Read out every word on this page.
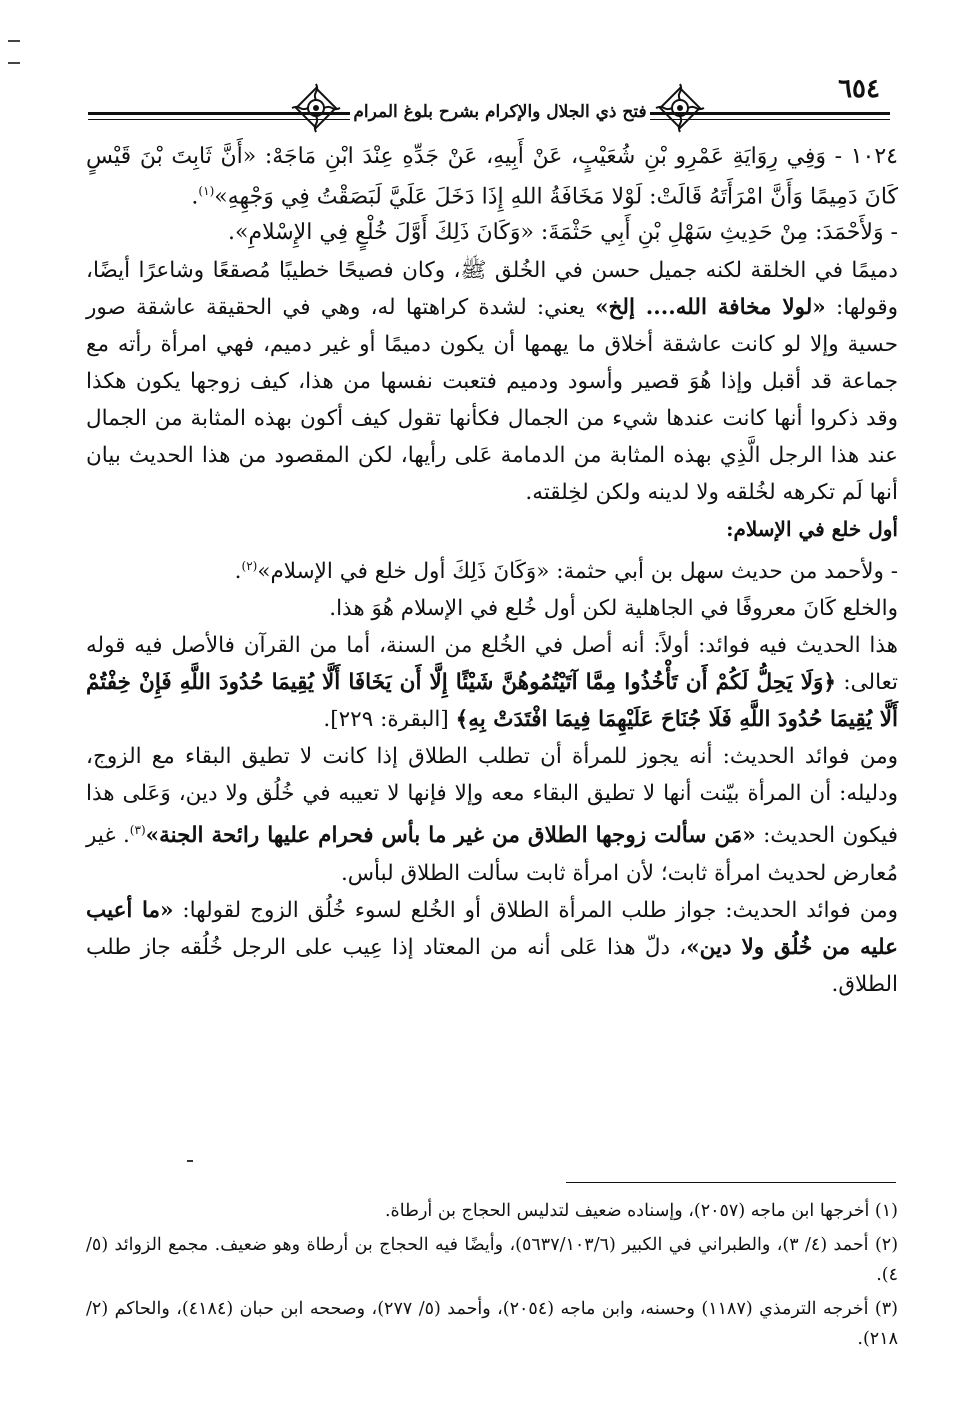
٦٥٤
فتح ذي الجلال والإكرام بشرح بلوغ المرام

١٠٢٤ - وَفِي رِوَايَةِ عَمْرِو بْنِ شُعَيْبٍ، عَنْ أَبِيهِ، عَنْ جَدِّهِ عِنْدَ ابْنِ مَاجَهْ: «أَنَّ ثَابِتَ بْنَ قَيْسٍ كَانَ دَمِيمًا وَأَنَّ امْرَأَتَهُ قَالَتْ: لَوْلا مَخَافَةُ اللهِ إِذَا دَخَلَ عَلَيَّ لَبَصَقْتُ فِي وَجْهِهِ»$^{(١)}$.

- وَلأَحْمَدَ: مِنْ حَدِيثِ سَهْلِ بْنِ أَبِي حَثْمَةَ: «وَكَانَ ذَلِكَ أَوَّلَ خُلْعٍ فِي الإِسْلامِ».

دميمًا في الخلقة لكنه جميل حسن في الخُلق ﷺ، وكان فصيحًا خطيبًا مُصقعًا وشاعرًا أيضًا، وقولها: «لولا مخافة الله.... إلخ» يعني: لشدة كراهتها له، وهي في الحقيقة عاشقة صور حسية وإلا لو كانت عاشقة أخلاق ما يهمها أن يكون دميمًا أو غير دميم، فهي امرأة رأته مع جماعة قد أقبل وإذا هُوَ قصير وأسود ودميم فتعبت نفسها من هذا، كيف زوجها يكون هكذا وقد ذكروا أنها كانت عندها شيء من الجمال فكأنها تقول كيف أكون بهذه المثابة من الجمال عند هذا الرجل الَّذِي بهذه المثابة من الدمامة عَلى رأيها، لكن المقصود من هذا الحديث بيان أنها لَم تكرهه لخُلقه ولا لدينه ولكن لخِلقته.

أول خلع في الإسلام:

- ولأحمد من حديث سهل بن أبي حثمة: «وَكَانَ ذَلِكَ أول خلع في الإسلام»$^{(٢)}$.

والخلع كَانَ معروفًا في الجاهلية لكن أول خُلع في الإسلام هُوَ هذا.

هذا الحديث فيه فوائد: أولاً: أنه أصل في الخُلع من السنة، أما من القرآن فالأصل فيه قوله تعالى: ﴿وَلَا يَحِلُّ لَكُمْ أَن تَأْخُذُوا مِمَّا آتَيْتُمُوهُنَّ شَيْئًا إِلَّا أَن يَخَافَا أَلَّا يُقِيمَا حُدُودَ اللَّهِ فَإِنْ خِفْتُمْ أَلَّا يُقِيمَا حُدُودَ اللَّهِ فَلَا جُنَاحَ عَلَيْهِمَا فِيمَا افْتَدَتْ بِهِ﴾ [البقرة: ٢٢٩].

ومن فوائد الحديث: أنه يجوز للمرأة أن تطلب الطلاق إذا كانت لا تطيق البقاء مع الزوج، ودليله: أن المرأة بيّنت أنها لا تطيق البقاء معه وإلا فإنها لا تعيبه في خُلُق ولا دين، وَعَلى هذا فيكون الحديث: «مَن سألت زوجها الطلاق من غير ما بأس فحرام عليها رائحة الجنة»$^{(٣)}$. غير مُعارض لحديث امرأة ثابت؛ لأن امرأة ثابت سألت الطلاق لبأس.

ومن فوائد الحديث: جواز طلب المرأة الطلاق أو الخُلع لسوء خُلُق الزوج لقولها: «ما أعيب عليه من خُلُق ولا دين»، دلّ هذا عَلى أنه من المعتاد إذا عِيب على الرجل خُلُقه جاز طلب الطلاق.

(١) أخرجها ابن ماجه (٢٠٥٧)، وإسناده ضعيف لتدليس الحجاج بن أرطاة.

(٢) أحمد (٤/ ٣)، والطبراني في الكبير (٥٦٣٧/١٠٣/٦)، وأيضًا فيه الحجاج بن أرطاة وهو ضعيف. مجمع الزوائد (٥/ ٤).

(٣) أخرجه الترمذي (١١٨٧) وحسنه، وابن ماجه (٢٠٥٤)، وأحمد (٥/ ٢٧٧)، وصححه ابن حبان (٤١٨٤)، والحاكم (٢/ ٢١٨).
